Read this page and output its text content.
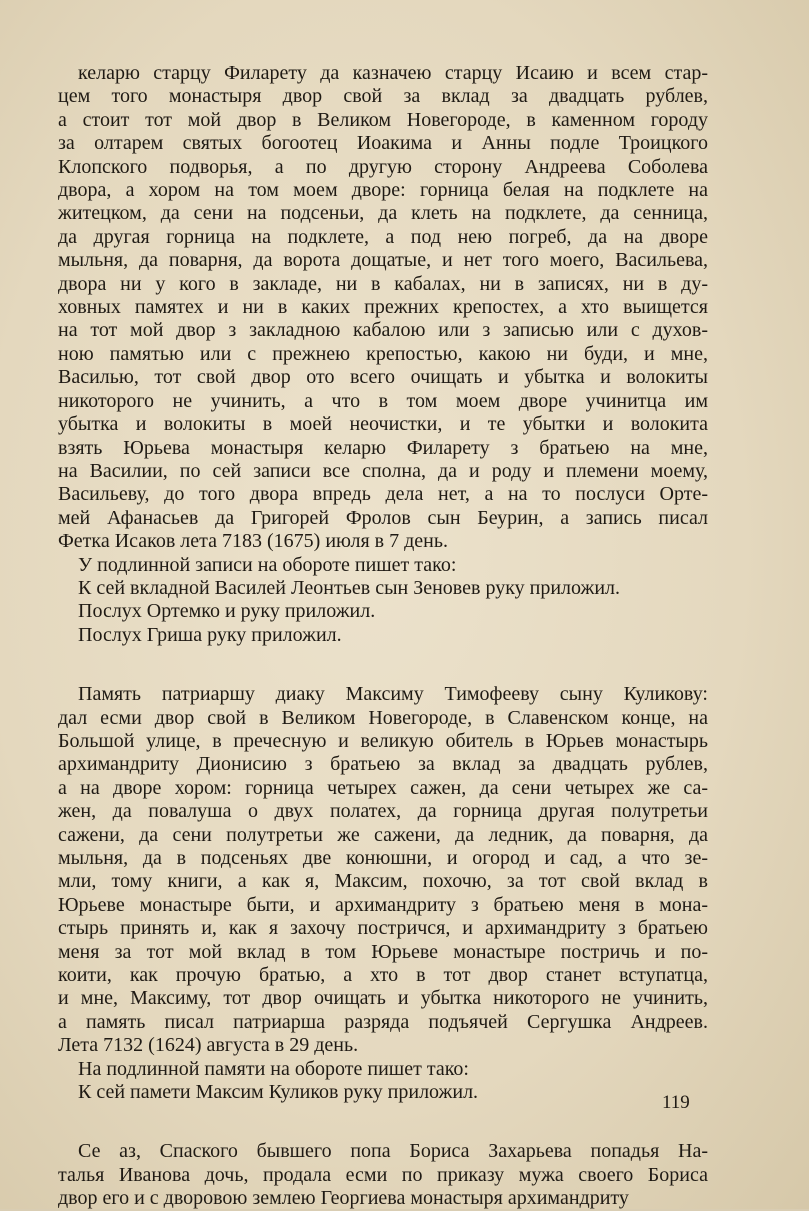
келарю старцу Филарету да казначею старцу Исаию и всем стар-
цем того монастыря двор свой за вклад за двадцать рублев,
а стоит тот мой двор в Великом Новегороде, в каменном городу
за олтарем святых богоотец Иоакима и Анны подле Троицкого
Клопского подворья, а по другую сторону Андреева Соболева
двора, а хором на том моем дворе: горница белая на подклете на
житецком, да сени на подсеньи, да клеть на подклете, да сенница,
да другая горница на подклете, а под нею погреб, да на дворе
мыльня, да поварня, да ворота дощатые, и нет того моего, Васильева,
двора ни у кого в закладе, ни в кабалах, ни в записях, ни в ду-
ховных памятех и ни в каких прежних крепостех, а хто выищется
на тот мой двор з закладною кабалою или з записью или с духов-
ною памятью или с прежнею крепостью, какою ни буди, и мне,
Василью, тот свой двор ото всего очищать и убытка и волокиты
никоторого не учинить, а что в том моем дворе учинитца им
убытка и волокиты в моей неочистки, и те убытки и волокита
взять Юрьева монастыря келарю Филарету з братьею на мне,
на Василии, по сей записи все сполна, да и роду и племени моему,
Васильеву, до того двора впредь дела нет, а на то послуси Орте-
мей Афанасьев да Григорей Фролов сын Беурин, а запись писал
Фетка Исаков лета 7183 (1675) июля в 7 день.
У подлинной записи на обороте пишет тако:
К сей вкладной Василей Леонтьев сын Зеновев руку приложил.
Послух Ортемко и руку приложил.
Послух Гриша руку приложил.
Память патриаршу диаку Максиму Тимофееву сыну Куликову:
дал есми двор свой в Великом Новегороде, в Славенском конце, на
Большой улице, в пречесную и великую обитель в Юрьев монастырь
архимандриту Дионисию з братьею за вклад за двадцать рублев,
а на дворе хором: горница четырех сажен, да сени четырех же са-
жен, да повалуша о двух полатех, да горница другая полутретьи
сажени, да сени полутретьи же сажени, да ледник, да поварня, да
мыльня, да в подсеньях две конюшни, и огород и сад, а что зе-
мли, тому книги, а как я, Максим, похочю, за тот свой вклад в
Юрьеве монастыре быти, и архимандриту з братьею меня в мона-
стырь принять и, как я захочу постричся, и архимандриту з братьею
меня за тот мой вклад в том Юрьеве монастыре постричь и по-
коити, как прочую братью, а хто в тот двор станет вступатца,
и мне, Максиму, тот двор очищать и убытка никоторого не учинить,
а память писал патриарша разряда подъячей Сергушка Андреев.
Лета 7132 (1624) августа в 29 день.
На подлинной памяти на обороте пишет тако:
К сей памети Максим Куликов руку приложил.
Се аз, Спаского бывшего попа Бориса Захарьева попадья На-
талья Иванова дочь, продала есми по приказу мужа своего Бориса
двор его и с дворовою землею Георгиева монастыря архимандриту
119
